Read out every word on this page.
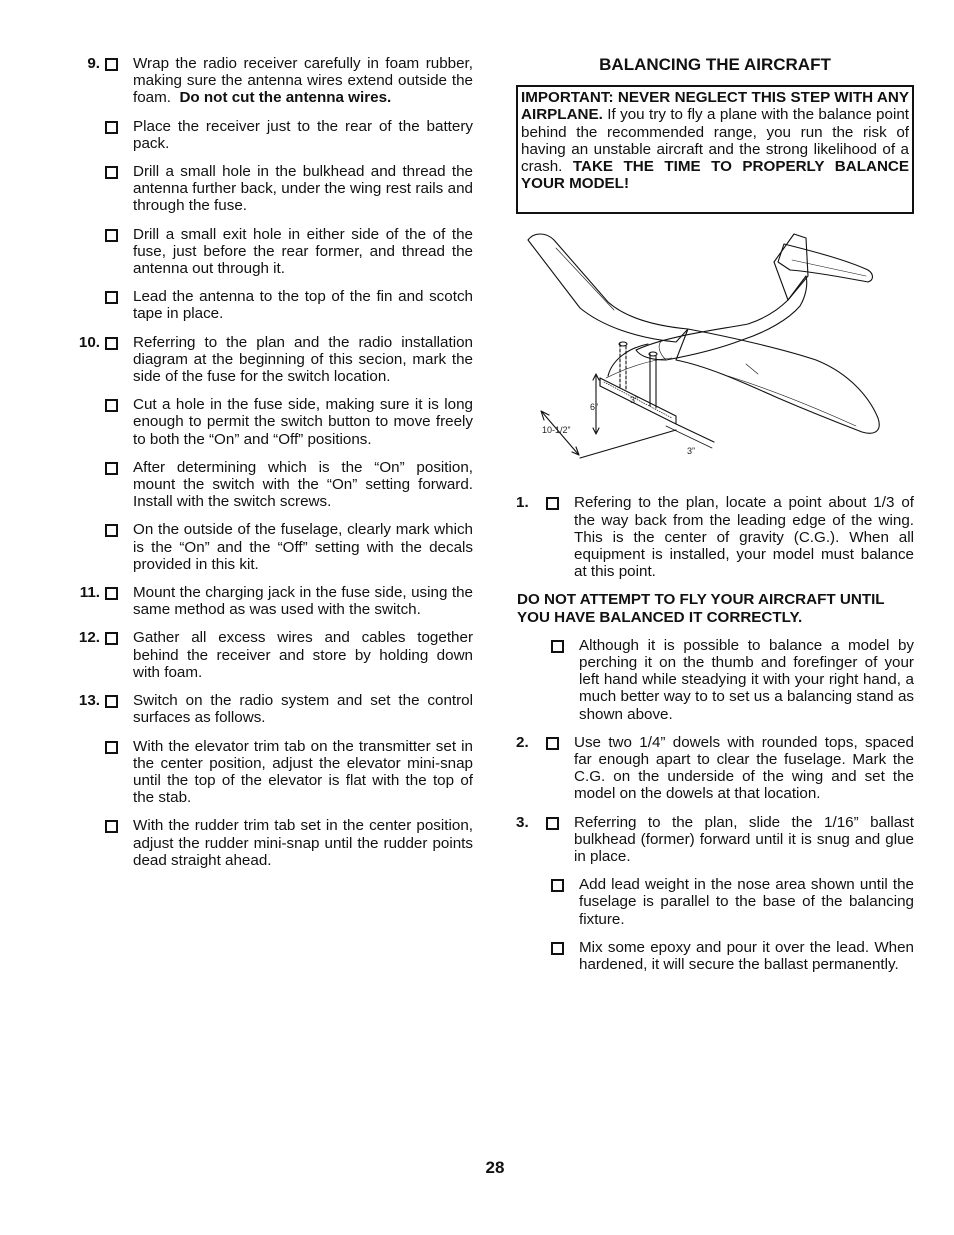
9. Wrap the radio receiver carefully in foam rubber, making sure the antenna wires extend outside the foam. Do not cut the antenna wires.
Place the receiver just to the rear of the battery pack.
Drill a small hole in the bulkhead and thread the antenna further back, under the wing rest rails and through the fuse.
Drill a small exit hole in either side of the of the fuse, just before the rear former, and thread the antenna out through it.
Lead the antenna to the top of the fin and scotch tape in place.
10. Referring to the plan and the radio installation diagram at the beginning of this secion, mark the side of the fuse for the switch location.
Cut a hole in the fuse side, making sure it is long enough to permit the switch button to move freely to both the “On” and “Off” positions.
After determining which is the “On” position, mount the switch with the “On” setting forward. Install with the switch screws.
On the outside of the fuselage, clearly mark which is the “On” and the “Off” setting with the decals provided in this kit.
11. Mount the charging jack in the fuse side, using the same method as was used with the switch.
12. Gather all excess wires and cables together behind the receiver and store by holding down with foam.
13. Switch on the radio system and set the control surfaces as follows.
With the elevator trim tab on the transmitter set in the center position, adjust the elevator mini-snap until the top of the elevator is flat with the top of the stab.
With the rudder trim tab set in the center position, adjust the rudder mini-snap until the rudder points dead straight ahead.
BALANCING THE AIRCRAFT
IMPORTANT: NEVER NEGLECT THIS STEP WITH ANY AIRPLANE. If you try to fly a plane with the balance point behind the recommended range, you run the risk of having an unstable aircraft and the strong likelihood of a crash. TAKE THE TIME TO PROPERLY BALANCE YOUR MODEL!
6”
3”
10-1/2”
3”
1.	Refering to the plan, locate a point about 1/3 of the way back from the leading edge of the wing. This is the center of gravity (C.G.). When all equipment is installed, your model must balance at this point.
DO NOT ATTEMPT TO FLY YOUR AIRCRAFT UNTIL YOU HAVE BALANCED IT CORRECTLY.
Although it is possible to balance a model by perching it on the thumb and forefinger of your left hand while steadying it with your right hand, a much better way to to set us a balancing stand as shown above.
2.	Use two 1/4” dowels with rounded tops, spaced far enough apart to clear the fuselage. Mark the C.G. on the underside of the wing and set the model on the dowels at that location.
3.	Referring to the plan, slide the 1/16” ballast bulkhead (former) forward until it is snug and glue in place.
Add lead weight in the nose area shown until the fuselage is parallel to the base of the balancing fixture.
Mix some epoxy and pour it over the lead. When hardened, it will secure the ballast permanently.
28
